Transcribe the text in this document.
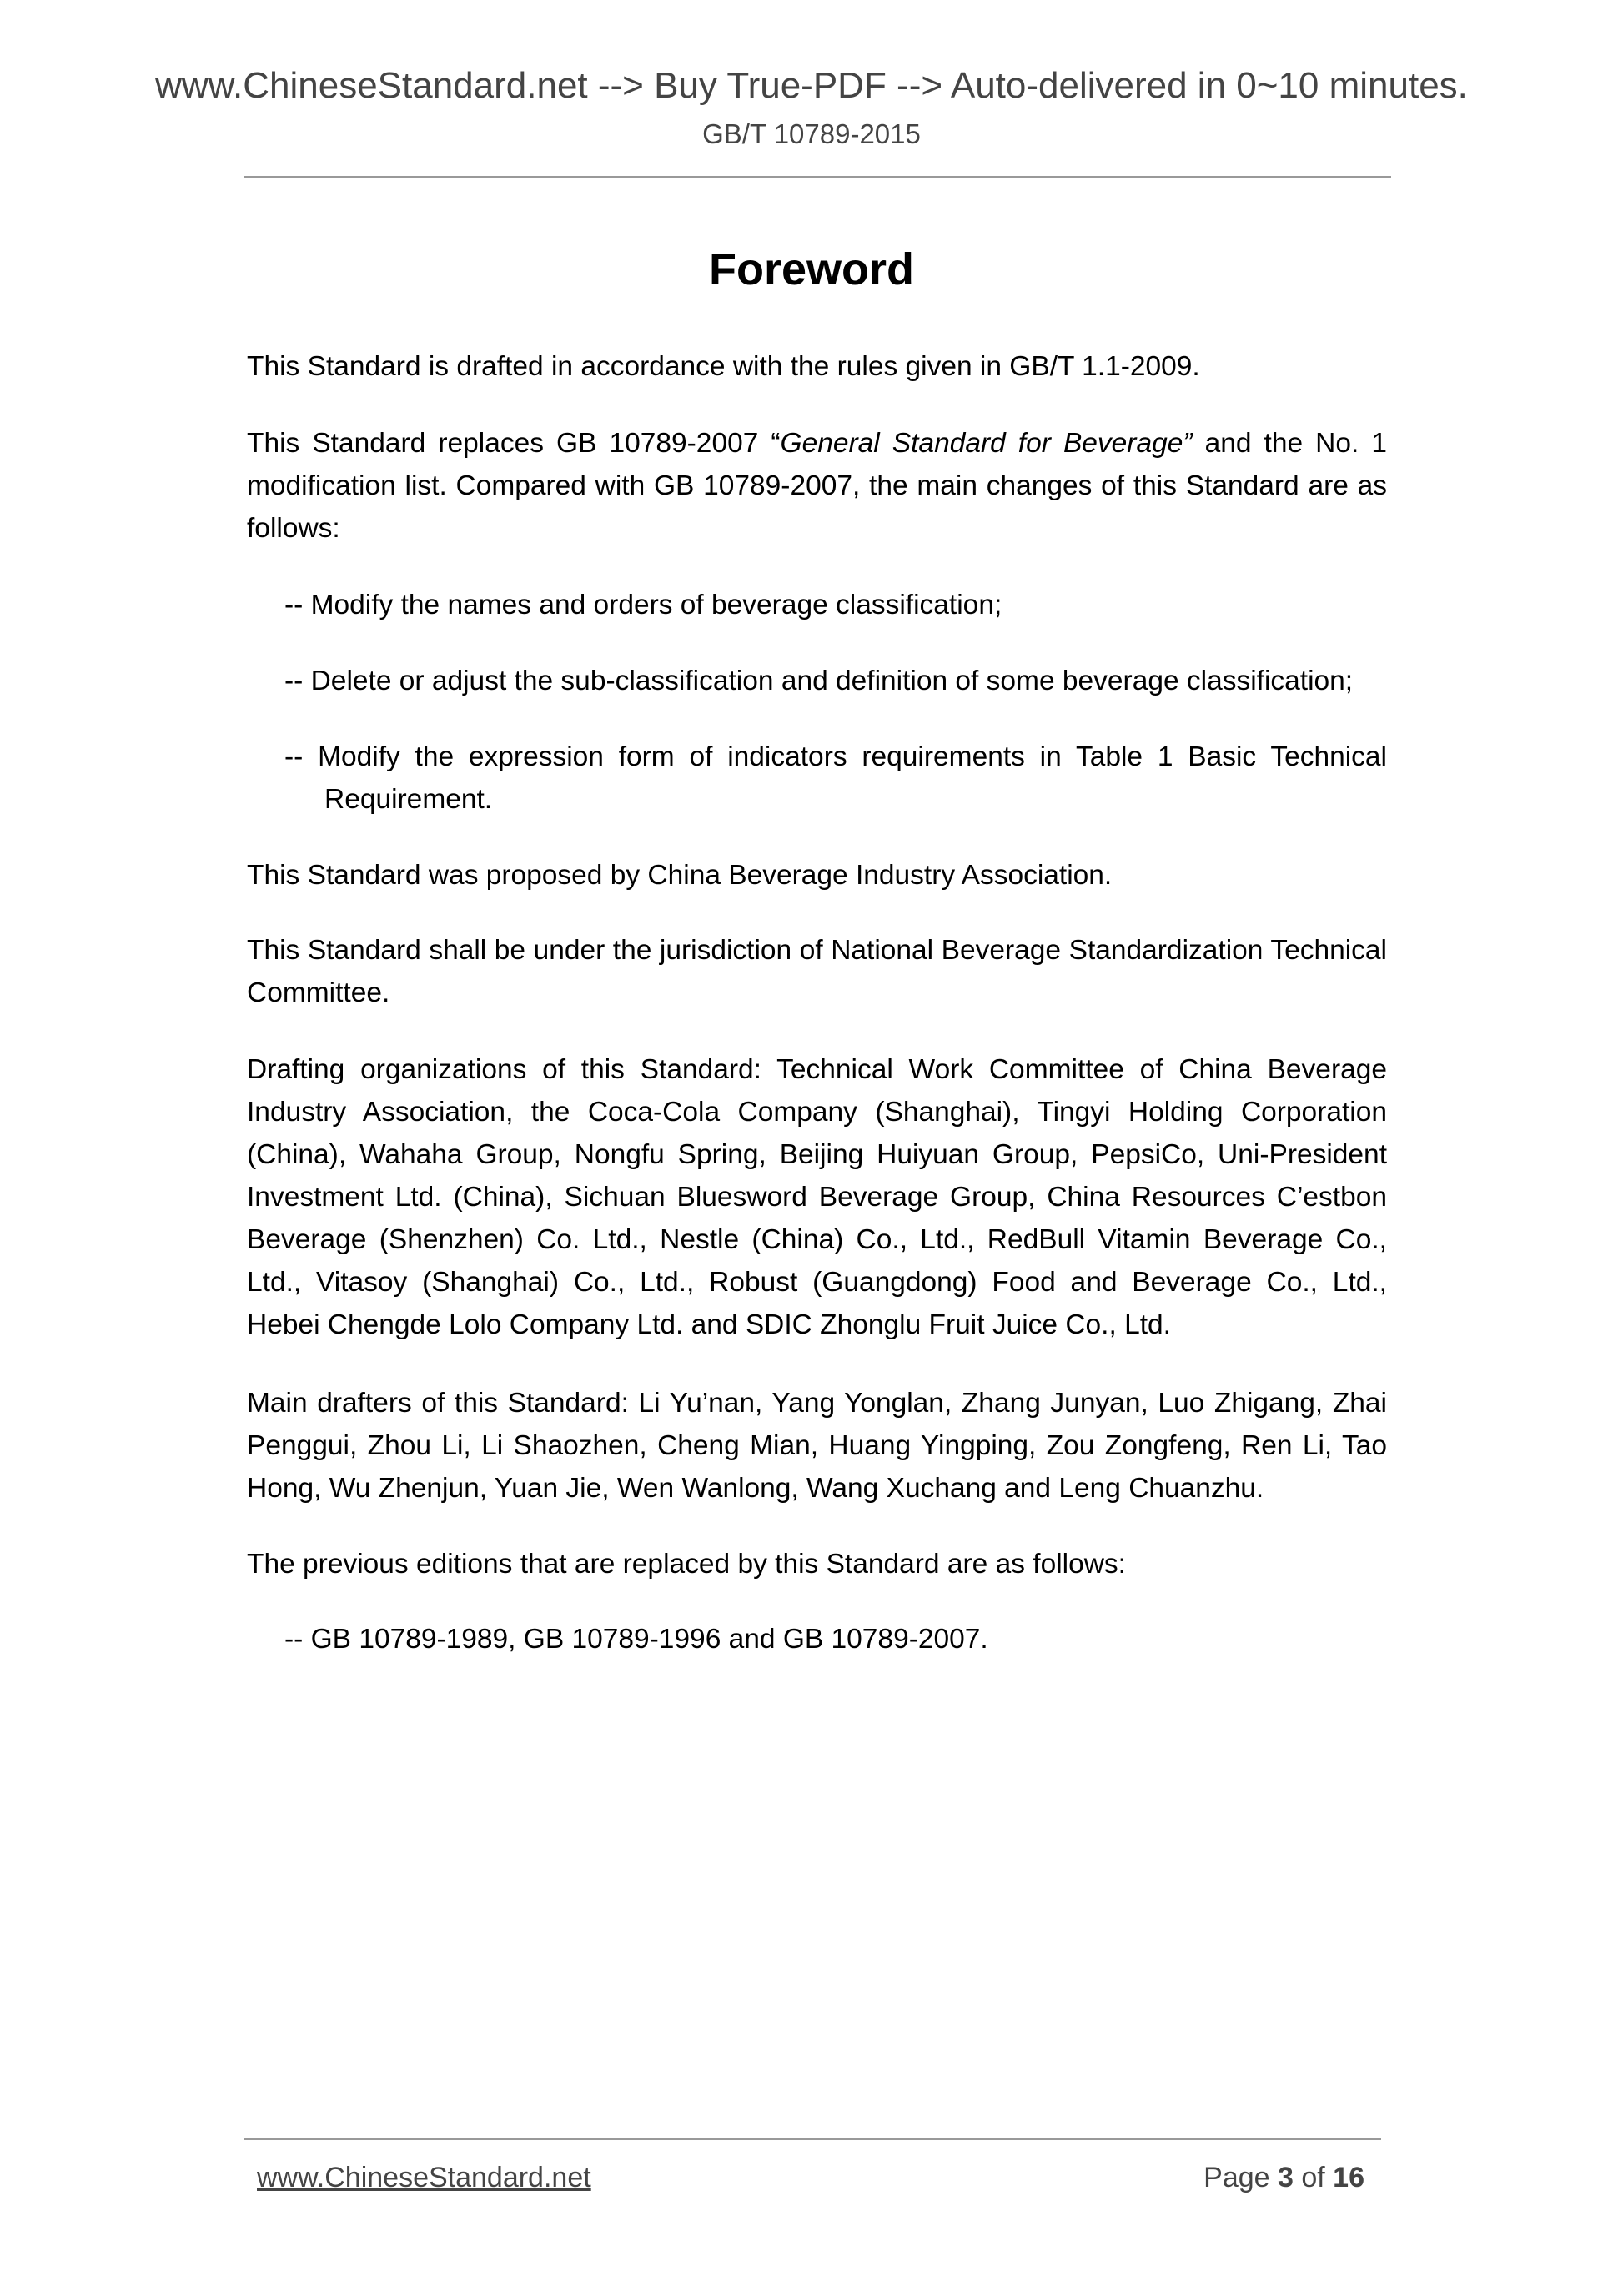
www.ChineseStandard.net --> Buy True-PDF --> Auto-delivered in 0~10 minutes.
GB/T 10789-2015
Foreword

This Standard is drafted in accordance with the rules given in GB/T 1.1-2009.

This Standard replaces GB 10789-2007 “General Standard for Beverage” and the No. 1 modification list. Compared with GB 10789-2007, the main changes of this Standard are as follows:

-- Modify the names and orders of beverage classification;

-- Delete or adjust the sub-classification and definition of some beverage classification;

-- Modify the expression form of indicators requirements in Table 1 Basic Technical Requirement.

This Standard was proposed by China Beverage Industry Association.

This Standard shall be under the jurisdiction of National Beverage Standardization Technical Committee.

Drafting organizations of this Standard: Technical Work Committee of China Beverage Industry Association, the Coca-Cola Company (Shanghai), Tingyi Holding Corporation (China), Wahaha Group, Nongfu Spring, Beijing Huiyuan Group, PepsiCo, Uni-President Investment Ltd. (China), Sichuan Bluesword Beverage Group, China Resources C’estbon Beverage (Shenzhen) Co. Ltd., Nestle (China) Co., Ltd., RedBull Vitamin Beverage Co., Ltd., Vitasoy (Shanghai) Co., Ltd., Robust (Guangdong) Food and Beverage Co., Ltd., Hebei Chengde Lolo Company Ltd. and SDIC Zhonglu Fruit Juice Co., Ltd.

Main drafters of this Standard: Li Yu’nan, Yang Yonglan, Zhang Junyan, Luo Zhigang, Zhai Penggui, Zhou Li, Li Shaozhen, Cheng Mian, Huang Yingping, Zou Zongfeng, Ren Li, Tao Hong, Wu Zhenjun, Yuan Jie, Wen Wanlong, Wang Xuchang and Leng Chuanzhu.

The previous editions that are replaced by this Standard are as follows:

-- GB 10789-1989, GB 10789-1996 and GB 10789-2007.

www.ChineseStandard.net	Page 3 of 16
